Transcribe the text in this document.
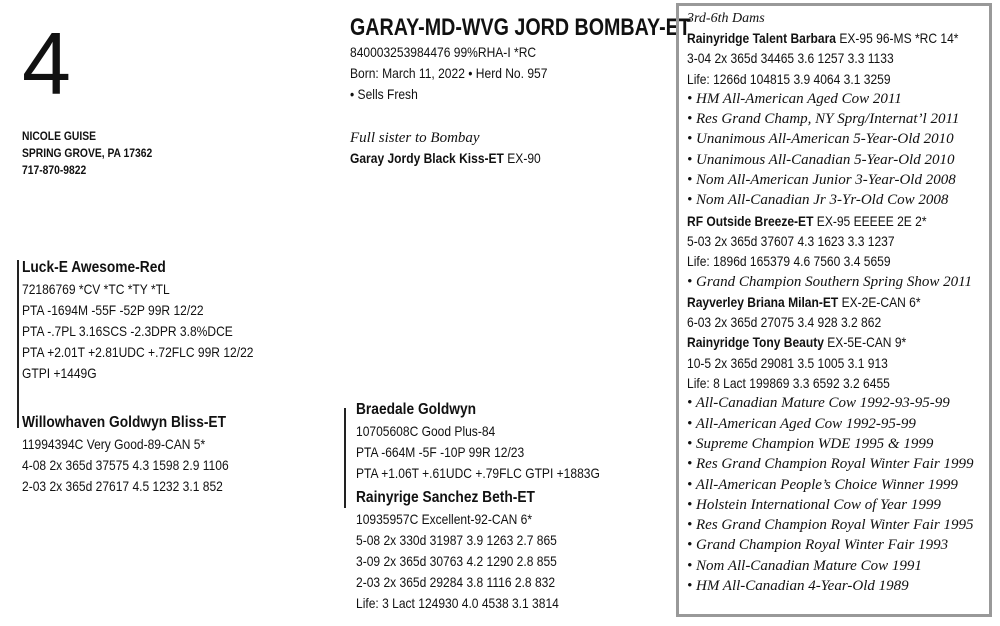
4
NICOLE GUISE
SPRING GROVE, PA 17362
717-870-9822
GARAY-MD-WVG JORD BOMBAY-ET
840003253984476 99%RHA-I *RC
Born: March 11, 2022 • Herd No. 957
• Sells Fresh
Full sister to Bombay
Garay Jordy Black Kiss-ET EX-90
Luck-E Awesome-Red
72186769 *CV *TC *TY *TL
PTA -1694M -55F -52P 99R 12/22
PTA -.7PL 3.16SCS -2.3DPR 3.8%DCE
PTA +2.01T +2.81UDC +.72FLC 99R 12/22
GTPI +1449G
Willowhaven Goldwyn Bliss-ET
11994394C Very Good-89-CAN 5*
4-08 2x 365d 37575 4.3 1598 2.9 1106
2-03 2x 365d 27617 4.5 1232 3.1 852
Braedale Goldwyn
10705608C Good Plus-84
PTA -664M -5F -10P 99R 12/23
PTA +1.06T +.61UDC +.79FLC GTPI +1883G
Rainyrige Sanchez Beth-ET
10935957C Excellent-92-CAN 6*
5-08 2x 330d 31987 3.9 1263 2.7 865
3-09 2x 365d 30763 4.2 1290 2.8 855
2-03 2x 365d 29284 3.8 1116 2.8 832
Life: 3 Lact 124930 4.0 4538 3.1 3814
3rd-6th Dams
Rainyridge Talent Barbara EX-95 96-MS *RC 14*
3-04 2x 365d 34465 3.6 1257 3.3 1133
Life: 1266d 104815 3.9 4064 3.1 3259
• HM All-American Aged Cow 2011
• Res Grand Champ, NY Sprg/Internat’l 2011
• Unanimous All-American 5-Year-Old 2010
• Unanimous All-Canadian 5-Year-Old 2010
• Nom All-American Junior 3-Year-Old 2008
• Nom All-Canadian Jr 3-Yr-Old Cow 2008
RF Outside Breeze-ET EX-95 EEEEE 2E 2*
5-03 2x 365d 37607 4.3 1623 3.3 1237
Life: 1896d 165379 4.6 7560 3.4 5659
• Grand Champion Southern Spring Show 2011
Rayverley Briana Milan-ET EX-2E-CAN 6*
6-03 2x 365d 27075 3.4 928 3.2 862
Rainyridge Tony Beauty EX-5E-CAN 9*
10-5 2x 365d 29081 3.5 1005 3.1 913
Life: 8 Lact 199869 3.3 6592 3.2 6455
• All-Canadian Mature Cow 1992-93-95-99
• All-American Aged Cow 1992-95-99
• Supreme Champion WDE 1995 & 1999
• Res Grand Champion Royal Winter Fair 1999
• All-American People’s Choice Winner 1999
• Holstein International Cow of Year 1999
• Res Grand Champion Royal Winter Fair 1995
• Grand Champion Royal Winter Fair 1993
• Nom All-Canadian Mature Cow 1991
• HM All-Canadian 4-Year-Old 1989
